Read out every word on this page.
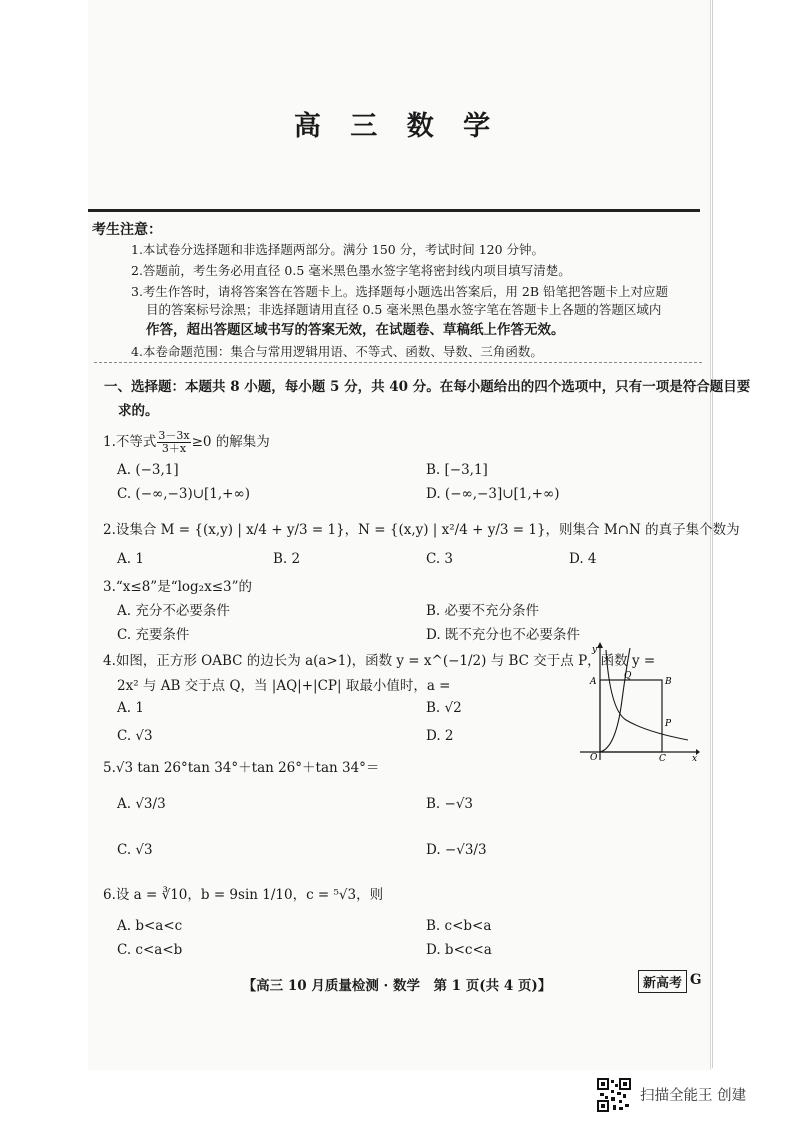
高 三 数 学
考生注意：
1.本试卷分选择题和非选择题两部分。满分 150 分，考试时间 120 分钟。
2.答题前，考生务必用直径 0.5 毫米黑色墨水签字笔将密封线内项目填写清楚。
3.考生作答时，请将答案答在答题卡上。选择题每小题选出答案后，用 2B 铅笔把答题卡上对应题
目的答案标号涂黑；非选择题请用直径 0.5 毫米黑色墨水签字笔在答题卡上各题的答题区域内
作答，超出答题区域书写的答案无效，在试题卷、草稿纸上作答无效。
4.本卷命题范围：集合与常用逻辑用语、不等式、函数、导数、三角函数。
一、选择题：本题共 8 小题，每小题 5 分，共 40 分。在每小题给出的四个选项中，只有一项是符合题目要
求的。
1.不等式 $\frac{3-3x}{3+x} \ge 0$ 的解集为
A. (−3,1]	B. [−3,1]
C. (−∞,−3)∪[1,+∞)	D. (−∞,−3]∪[1,+∞)
2.设集合 M = {(x,y) | x/4 + y/3 = 1}，N = {(x,y) | x²/4 + y/3 = 1}，则集合 M∩N 的真子集个数为
A. 1	B. 2	C. 3	D. 4
3.“x≤8”是“log₂x≤3”的
A. 充分不必要条件	B. 必要不充分条件
C. 充要条件	D. 既不充分也不必要条件
4.如图，正方形 OABC 的边长为 a(a>1)，函数 y = x^(−1/2) 与 BC 交于点 P，函数 y =
2x² 与 AB 交于点 Q，当 |AQ|+|CP| 取最小值时，a =
A. 1	B. √2
C. √3	D. 2
y
A
Q
B
P
O	C	x
5.√3 tan 26°tan 34°＋tan 26°＋tan 34°＝
A. √3/3	B. −√3
C. √3	D. −√3/3
6.设 a = ∛10，b = 9sin 1/10，c = ⁵√3，则
A. b<a<c	B. c<b<a
C. c<a<b	D. b<c<a
【高三 10 月质量检测 · 数学　第 1 页(共 4 页)】	新高考 G
扫描全能王 创建
